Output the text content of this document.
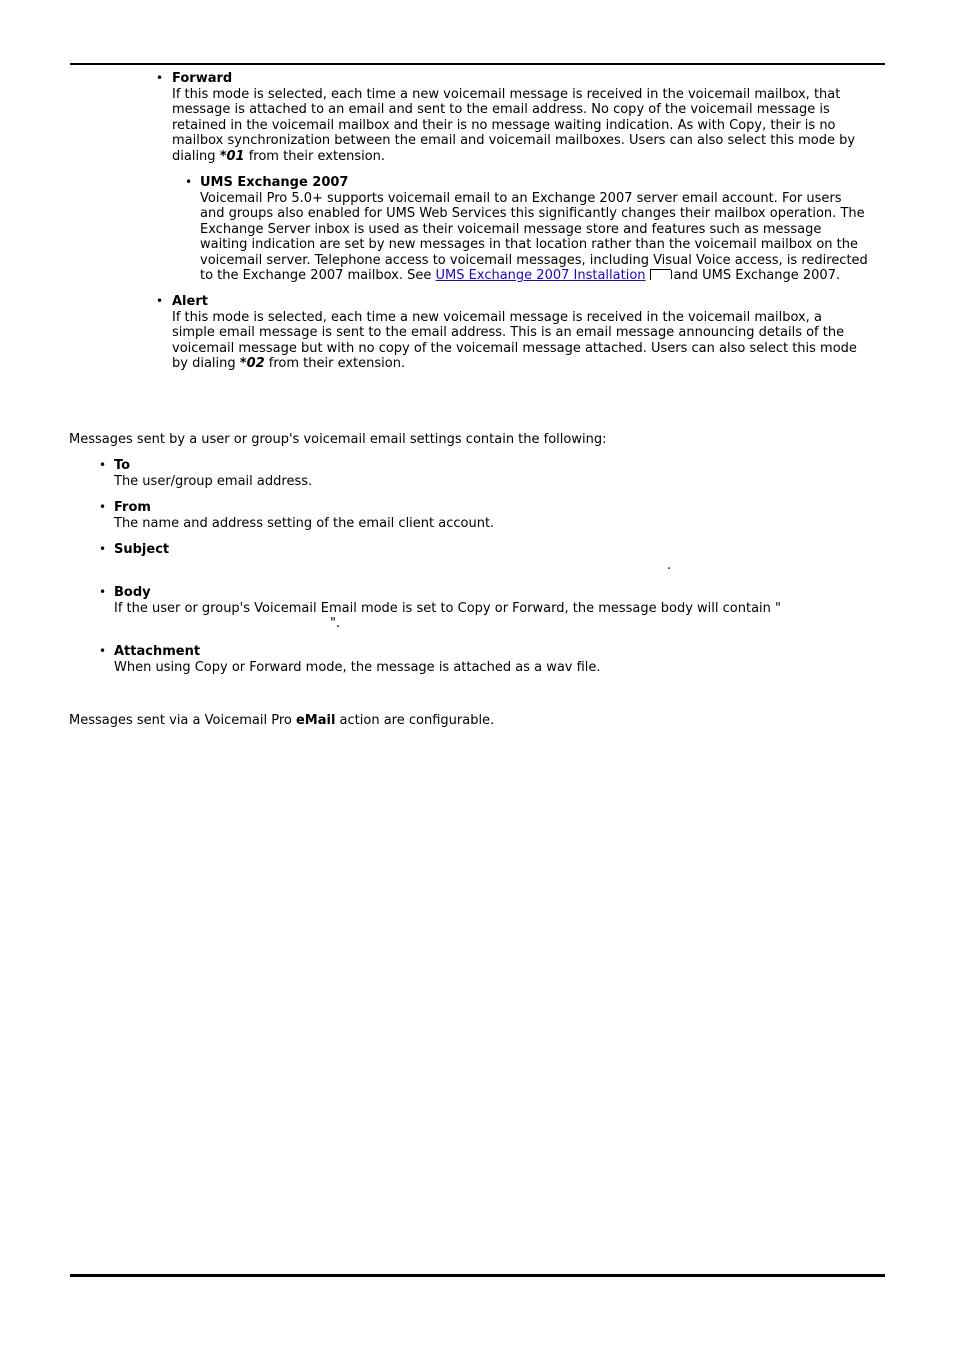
• Forward

If this mode is selected, each time a new voicemail message is received in the voicemail mailbox, that message is attached to an email and sent to the email address. No copy of the voicemail message is retained in the voicemail mailbox and their is no message waiting indication. As with Copy, their is no mailbox synchronization between the email and voicemail mailboxes. Users can also select this mode by dialing *01 from their extension.

• UMS Exchange 2007

Voicemail Pro 5.0+ supports voicemail email to an Exchange 2007 server email account. For users and groups also enabled for UMS Web Services this significantly changes their mailbox operation. The Exchange Server inbox is used as their voicemail message store and features such as message waiting indication are set by new messages in that location rather than the voicemail mailbox on the voicemail server. Telephone access to voicemail messages, including Visual Voice access, is redirected to the Exchange 2007 mailbox. See UMS Exchange 2007 Installation and UMS Exchange 2007.

• Alert

If this mode is selected, each time a new voicemail message is received in the voicemail mailbox, a simple email message is sent to the email address. This is an email message announcing details of the voicemail message but with no copy of the voicemail message attached. Users can also select this mode by dialing *02 from their extension.

Messages sent by a user or group's voicemail email settings contain the following:

• To

The user/group email address.

• From

The name and address setting of the email client account.

• Subject

.

• Body

If the user or group's Voicemail Email mode is set to Copy or Forward, the message body will contain "

".

• Attachment

When using Copy or Forward mode, the message is attached as a wav file.

Messages sent via a Voicemail Pro eMail action are configurable.
